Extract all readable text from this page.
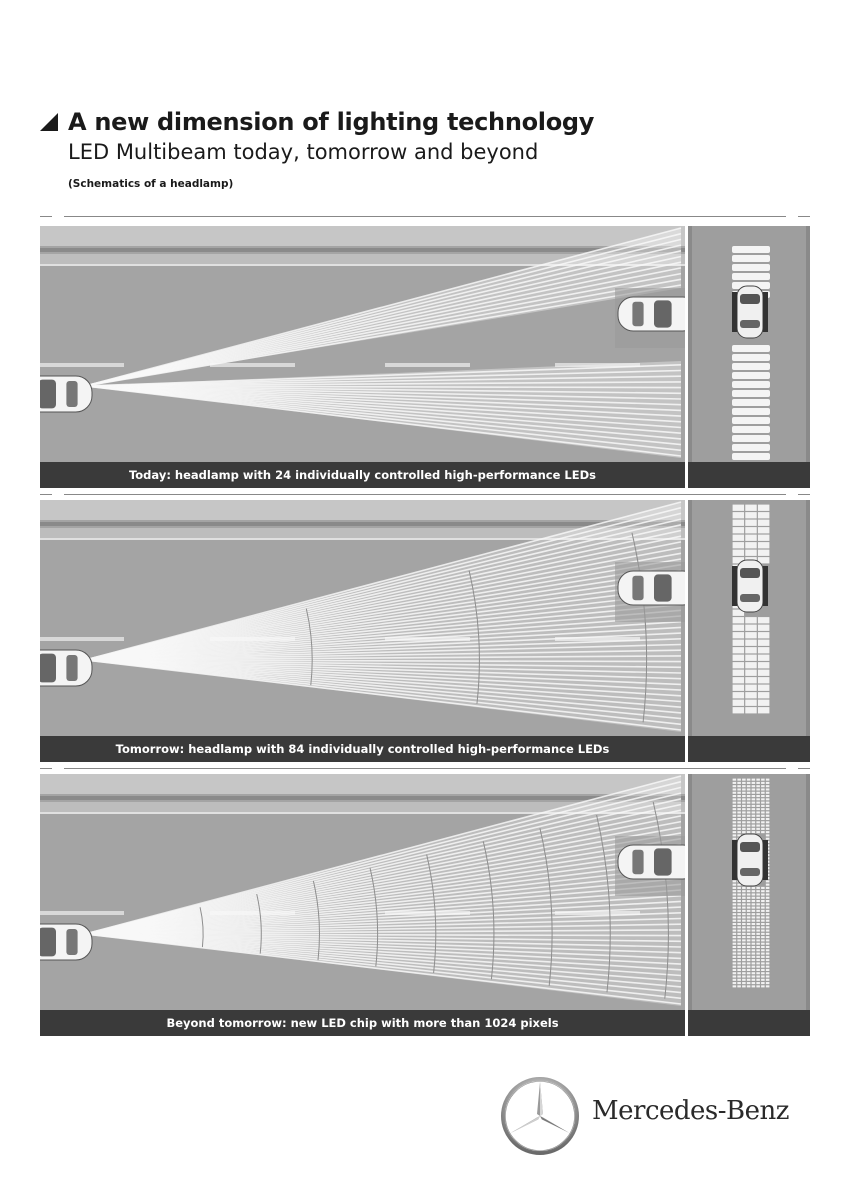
A new dimension of lighting technology
LED Multibeam today, tomorrow and beyond
(Schematics of a headlamp)
Today: headlamp with 24 individually controlled high-performance LEDs
Tomorrow: headlamp with 84 individually controlled high-performance LEDs
Beyond tomorrow: new LED chip with more than 1024 pixels
Mercedes-Benz
